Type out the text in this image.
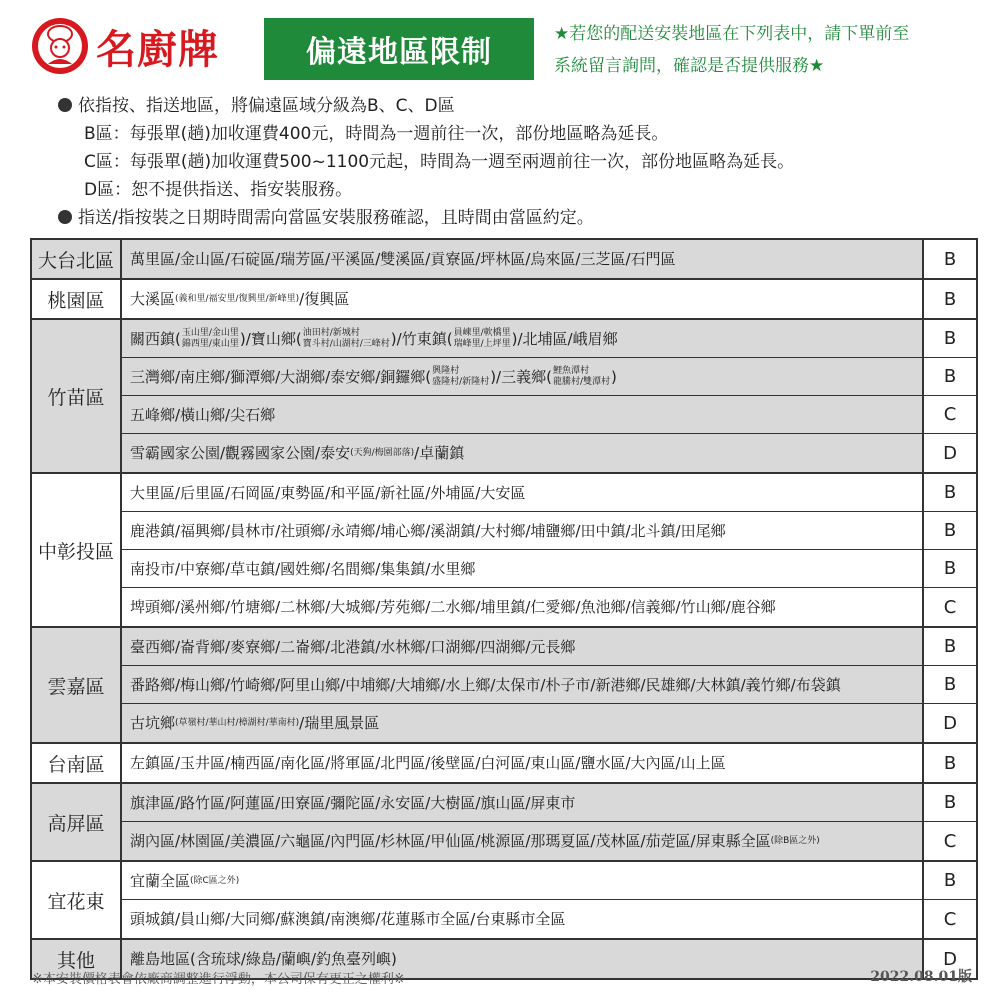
名廚牌	偏遠地區限制
★若您的配送安裝地區在下列表中，請下單前至
系統留言詢問，確認是否提供服務★
依指按、指送地區，將偏遠區域分級為B、C、D區
B區：每張單(趟)加收運費400元，時間為一週前往一次，部份地區略為延長。
C區：每張單(趟)加收運費500~1100元起，時間為一週至兩週前往一次，部份地區略為延長。
D區：恕不提供指送、指安裝服務。
指送/指按裝之日期時間需向當區安裝服務確認，且時間由當區約定。
大台北區	萬里區/金山區/石碇區/瑞芳區/平溪區/雙溪區/貢寮區/坪林區/烏來區/三芝區/石門區	B
桃園區	大溪區 (義和里/福安里/復興里/新峰里) /復興區	B
竹苗區
關西鎮 ( 玉山里/金山里
錦西里/東山里 ) /寶山鄉 ( 油田村/新城村
寶斗村/山湖村/三峰村 ) /竹東鎮 ( 員崠里/軟橋里
瑞峰里/上坪里 ) /北埔區/峨眉鄉	B
三灣鄉/南庄鄉/獅潭鄉/大湖鄉/泰安鄉/銅鑼鄉 ( 興隆村
盛隆村/新隆村 ) /三義鄉 ( 鯉魚潭村
龍騰村/雙潭村 )	B
五峰鄉/橫山鄉/尖石鄉	C
雪霸國家公園/觀霧國家公園/泰安 (天狗/梅園部落) /卓蘭鎮	D
中彰投區
大里區/后里區/石岡區/東勢區/和平區/新社區/外埔區/大安區	B
鹿港鎮/福興鄉/員林市/社頭鄉/永靖鄉/埔心鄉/溪湖鎮/大村鄉/埔鹽鄉/田中鎮/北斗鎮/田尾鄉	B
南投市/中寮鄉/草屯鎮/國姓鄉/名間鄉/集集鎮/水里鄉	B
埤頭鄉/溪州鄉/竹塘鄉/二林鄉/大城鄉/芳苑鄉/二水鄉/埔里鎮/仁愛鄉/魚池鄉/信義鄉/竹山鄉/鹿谷鄉	C
雲嘉區
臺西鄉/崙背鄉/麥寮鄉/二崙鄉/北港鎮/水林鄉/口湖鄉/四湖鄉/元長鄉	B
番路鄉/梅山鄉/竹崎鄉/阿里山鄉/中埔鄉/大埔鄉/水上鄉/太保市/朴子市/新港鄉/民雄鄉/大林鎮/義竹鄉/布袋鎮	B
古坑鄉 (草嶺村/華山村/樟湖村/華南村) /瑞里風景區	D
台南區	左鎮區/玉井區/楠西區/南化區/將軍區/北門區/後壁區/白河區/東山區/鹽水區/大內區/山上區	B
高屏區
旗津區/路竹區/阿蓮區/田寮區/彌陀區/永安區/大樹區/旗山區/屏東市	B
湖內區/林園區/美濃區/六龜區/內門區/杉林區/甲仙區/桃源區/那瑪夏區/茂林區/茄萣區/屏東縣全區 (除B區之外)	C
宜花東
宜蘭全區 (除C區之外)	B
頭城鎮/員山鄉/大同鄉/蘇澳鎮/南澳鄉/花蓮縣市全區/台東縣市全區	C
其他	離島地區(含琉球/綠島/蘭嶼/釣魚臺列嶼)	D
※本安裝價格表會依廠商調整進行浮動，本公司保有更正之權利※	2022.08.01版
